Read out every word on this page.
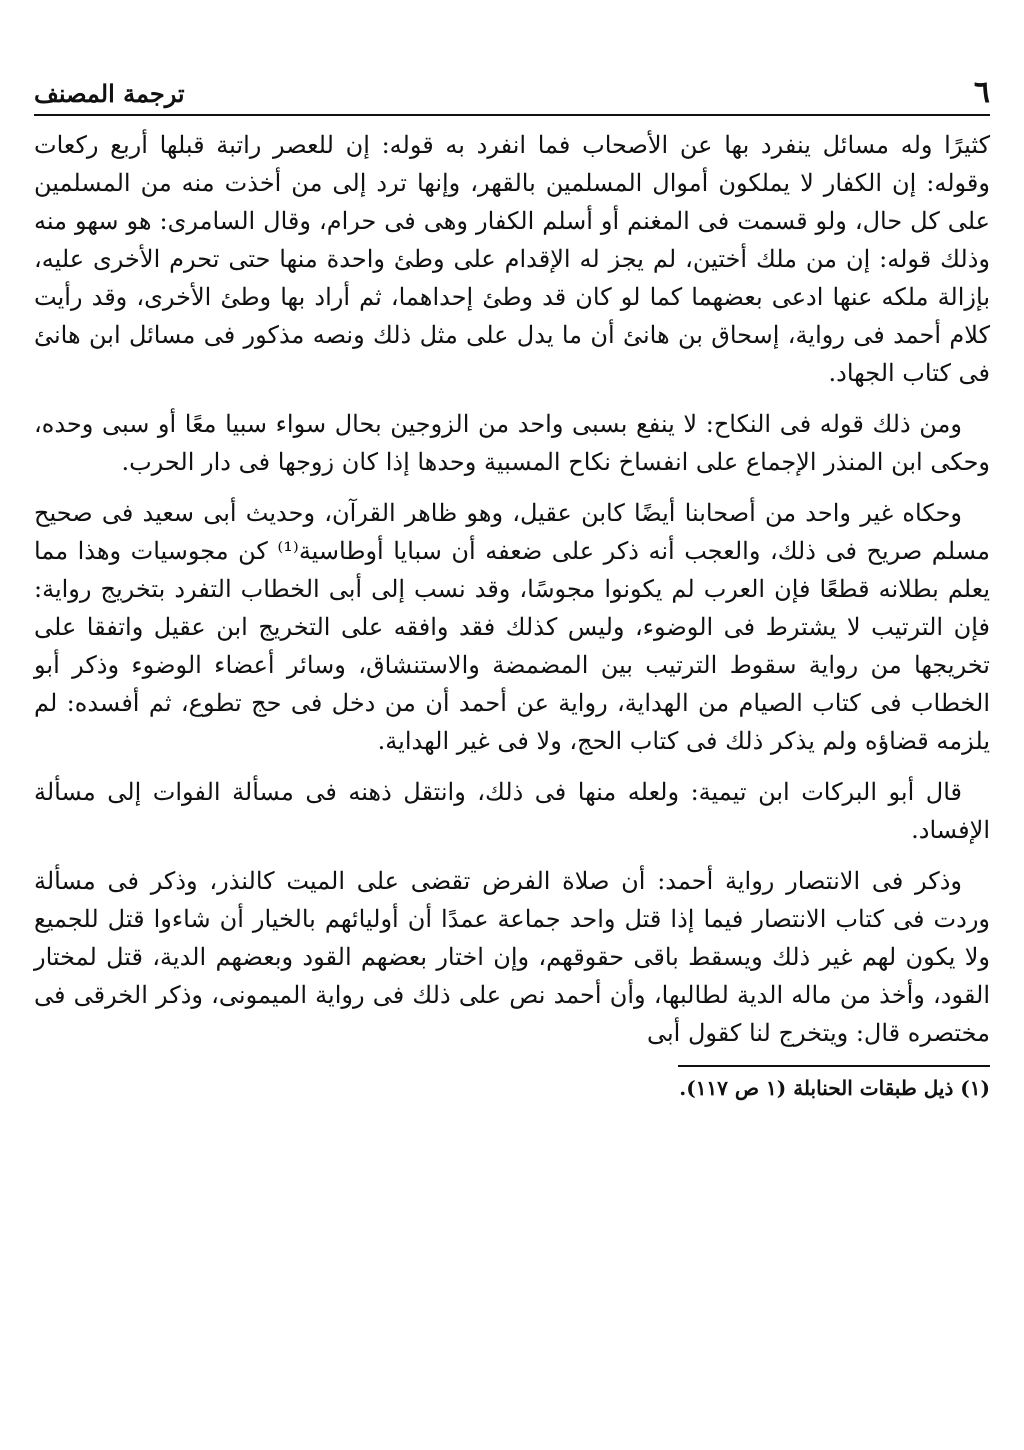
٦
ترجمة المصنف

كثيرًا وله مسائل ينفرد بها عن الأصحاب فما انفرد به قوله: إن للعصر راتبة قبلها أربع ركعات وقوله: إن الكفار لا يملكون أموال المسلمين بالقهر، وإنها ترد إلى من أخذت منه من المسلمين على كل حال، ولو قسمت فى المغنم أو أسلم الكفار وهى فى حرام، وقال السامرى: هو سهو منه وذلك قوله: إن من ملك أختين، لم يجز له الإقدام على وطئ واحدة منها حتى تحرم الأخرى عليه، بإزالة ملكه عنها ادعى بعضهما كما لو كان قد وطئ إحداهما، ثم أراد بها وطئ الأخرى، وقد رأيت كلام أحمد فى رواية، إسحاق بن هانئ أن ما يدل على مثل ذلك ونصه مذكور فى مسائل ابن هانئ فى كتاب الجهاد.

ومن ذلك قوله فى النكاح: لا ينفع بسبى واحد من الزوجين بحال سواء سبيا معًا أو سبى وحده، وحكى ابن المنذر الإجماع على انفساخ نكاح المسبية وحدها إذا كان زوجها فى دار الحرب.

وحكاه غير واحد من أصحابنا أيضًا كابن عقيل، وهو ظاهر القرآن، وحديث أبى سعيد فى صحيح مسلم صريح فى ذلك، والعجب أنه ذكر على ضعفه أن سبايا أوطاسية⁽¹⁾ كن مجوسيات وهذا مما يعلم بطلانه قطعًا فإن العرب لم يكونوا مجوسًا، وقد نسب إلى أبى الخطاب التفرد بتخريج رواية: فإن الترتيب لا يشترط فى الوضوء، وليس كذلك فقد وافقه على التخريج ابن عقيل واتفقا على تخريجها من رواية سقوط الترتيب بين المضمضة والاستنشاق، وسائر أعضاء الوضوء وذكر أبو الخطاب فى كتاب الصيام من الهداية، رواية عن أحمد أن من دخل فى حج تطوع، ثم أفسده: لم يلزمه قضاؤه ولم يذكر ذلك فى كتاب الحج، ولا فى غير الهداية.

قال أبو البركات ابن تيمية: ولعله منها فى ذلك، وانتقل ذهنه فى مسألة الفوات إلى مسألة الإفساد.

وذكر فى الانتصار رواية أحمد: أن صلاة الفرض تقضى على الميت كالنذر، وذكر فى مسألة وردت فى كتاب الانتصار فيما إذا قتل واحد جماعة عمدًا أن أوليائهم بالخيار أن شاءوا قتل للجميع ولا يكون لهم غير ذلك ويسقط باقى حقوقهم، وإن اختار بعضهم القود وبعضهم الدية، قتل لمختار القود، وأخذ من ماله الدية لطالبها، وأن أحمد نص على ذلك فى رواية الميمونى، وذكر الخرقى فى مختصره قال: ويتخرج لنا كقول أبى

(١) ذيل طبقات الحنابلة (١ ص ١١٧).
